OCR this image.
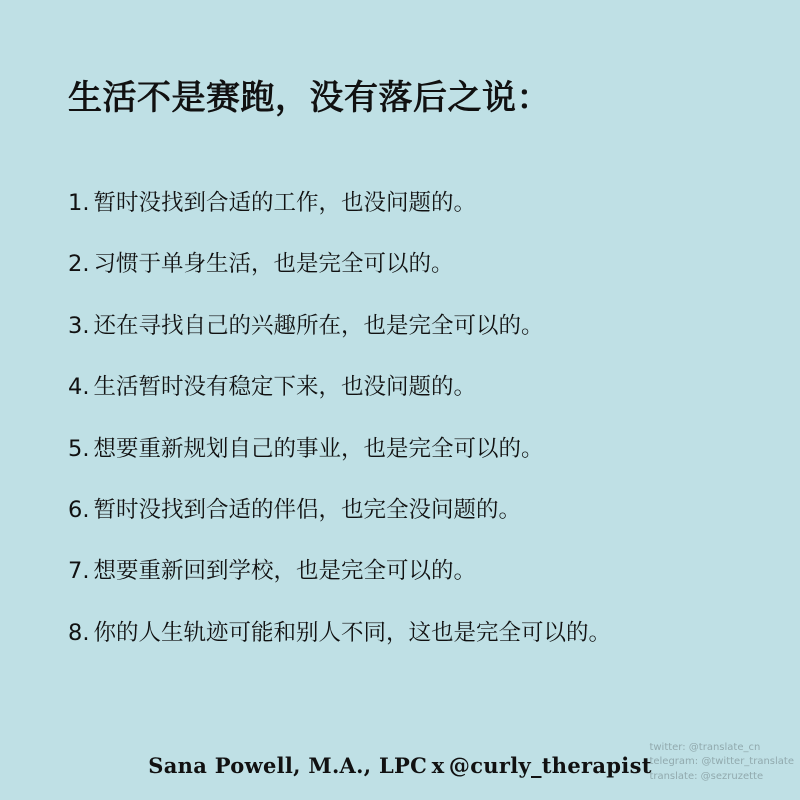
生活不是赛跑，没有落后之说：
1. 暂时没找到合适的工作，也没问题的。
2. 习惯于单身生活，也是完全可以的。
3. 还在寻找自己的兴趣所在，也是完全可以的。
4. 生活暂时没有稳定下来，也没问题的。
5. 想要重新规划自己的事业，也是完全可以的。
6. 暂时没找到合适的伴侣，也完全没问题的。
7. 想要重新回到学校，也是完全可以的。
8. 你的人生轨迹可能和别人不同，这也是完全可以的。
Sana Powell, M.A., LPC x @curly_therapist
twitter: @translate_cn
telegram: @twitter_translate
translate: @sezruzette
